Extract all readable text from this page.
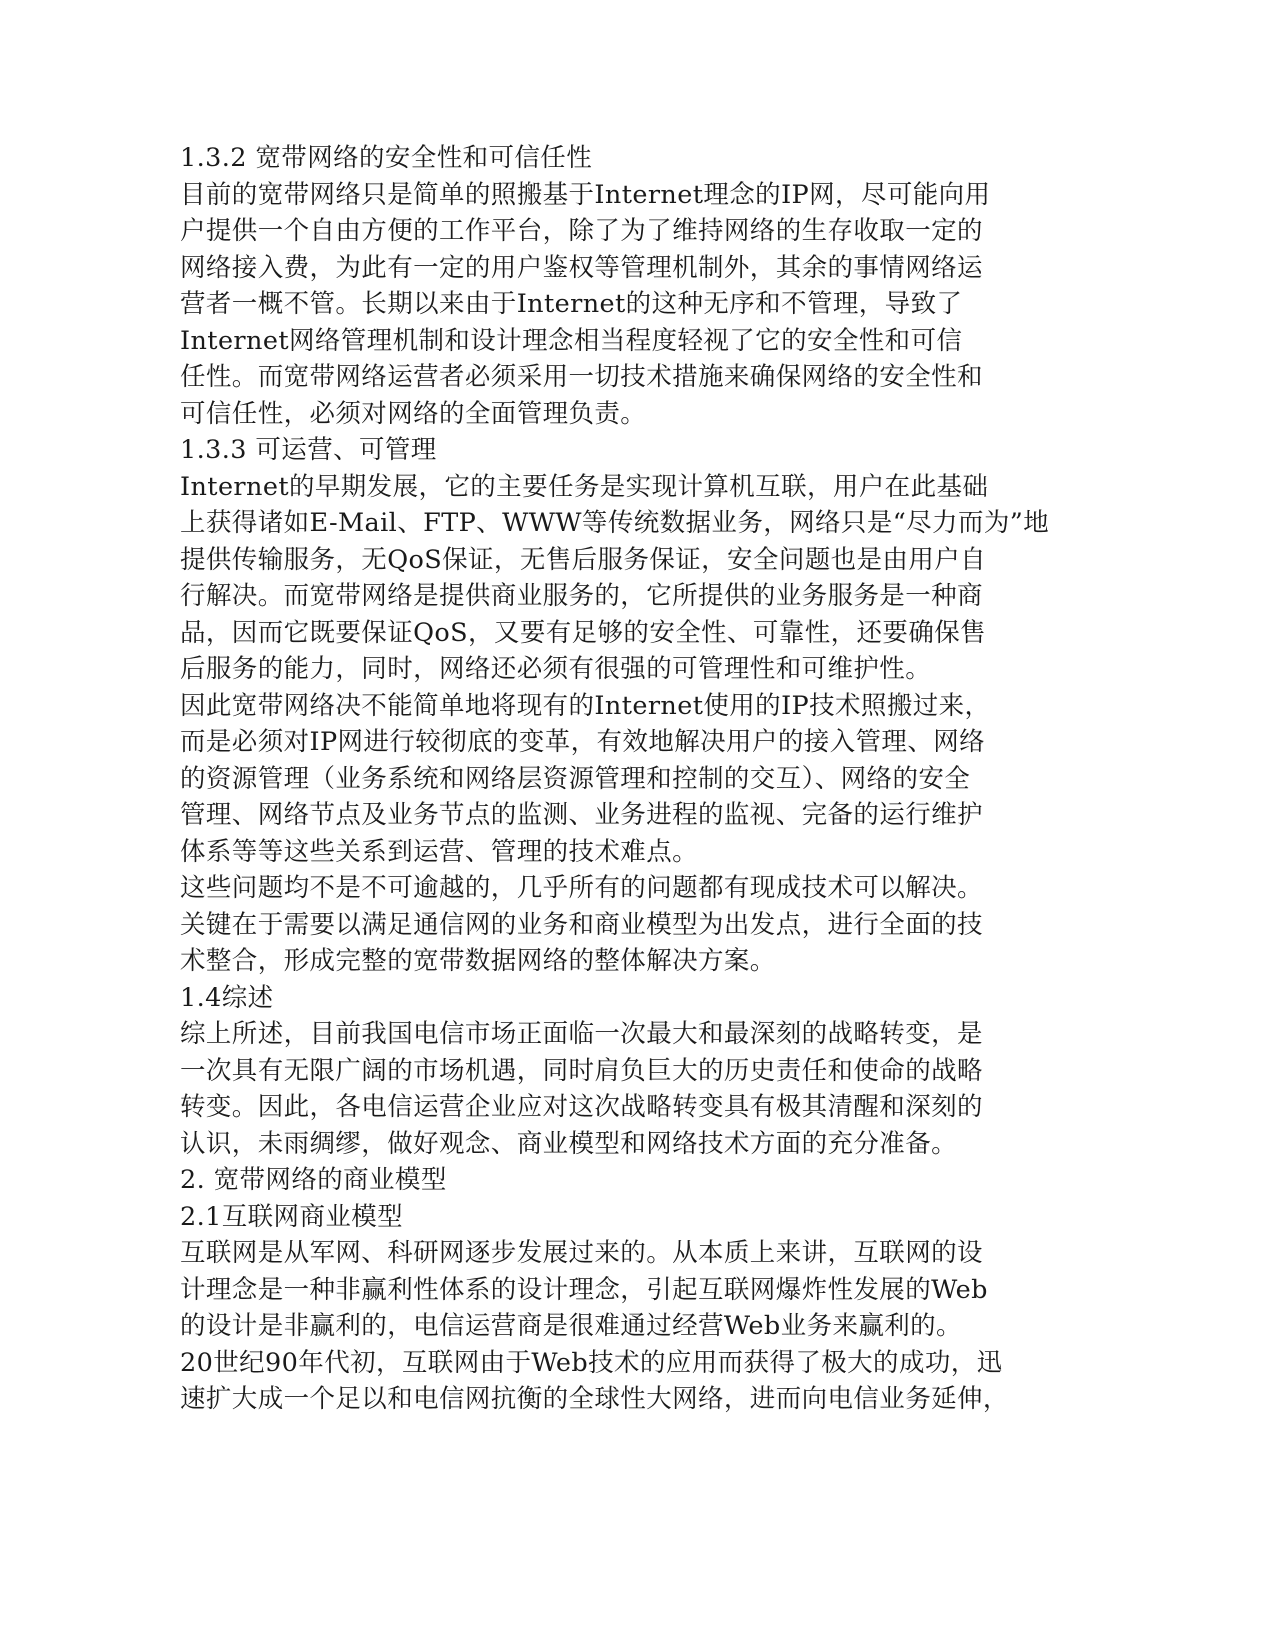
1.3.2 宽带网络的安全性和可信任性
目前的宽带网络只是简单的照搬基于Internet理念的IP网，尽可能向用
户提供一个自由方便的工作平台，除了为了维持网络的生存收取一定的
网络接入费，为此有一定的用户鉴权等管理机制外，其余的事情网络运
营者一概不管。长期以来由于Internet的这种无序和不管理，导致了
Internet网络管理机制和设计理念相当程度轻视了它的安全性和可信
任性。而宽带网络运营者必须采用一切技术措施来确保网络的安全性和
可信任性，必须对网络的全面管理负责。
1.3.3 可运营、可管理
Internet的早期发展，它的主要任务是实现计算机互联，用户在此基础
上获得诸如E-Mail、FTP、WWW等传统数据业务，网络只是“尽力而为”地
提供传输服务，无QoS保证，无售后服务保证，安全问题也是由用户自
行解决。而宽带网络是提供商业服务的，它所提供的业务服务是一种商
品，因而它既要保证QoS，又要有足够的安全性、可靠性，还要确保售
后服务的能力，同时，网络还必须有很强的可管理性和可维护性。
因此宽带网络决不能简单地将现有的Internet使用的IP技术照搬过来，
而是必须对IP网进行较彻底的变革，有效地解决用户的接入管理、网络
的资源管理（业务系统和网络层资源管理和控制的交互）、网络的安全
管理、网络节点及业务节点的监测、业务进程的监视、完备的运行维护
体系等等这些关系到运营、管理的技术难点。
这些问题均不是不可逾越的，几乎所有的问题都有现成技术可以解决。
关键在于需要以满足通信网的业务和商业模型为出发点，进行全面的技
术整合，形成完整的宽带数据网络的整体解决方案。
1.4综述
综上所述，目前我国电信市场正面临一次最大和最深刻的战略转变，是
一次具有无限广阔的市场机遇，同时肩负巨大的历史责任和使命的战略
转变。因此，各电信运营企业应对这次战略转变具有极其清醒和深刻的
认识，未雨绸缪，做好观念、商业模型和网络技术方面的充分准备。
2. 宽带网络的商业模型
2.1互联网商业模型
互联网是从军网、科研网逐步发展过来的。从本质上来讲，互联网的设
计理念是一种非赢利性体系的设计理念，引起互联网爆炸性发展的Web
的设计是非赢利的，电信运营商是很难通过经营Web业务来赢利的。
20世纪90年代初，互联网由于Web技术的应用而获得了极大的成功，迅
速扩大成一个足以和电信网抗衡的全球性大网络，进而向电信业务延伸，
